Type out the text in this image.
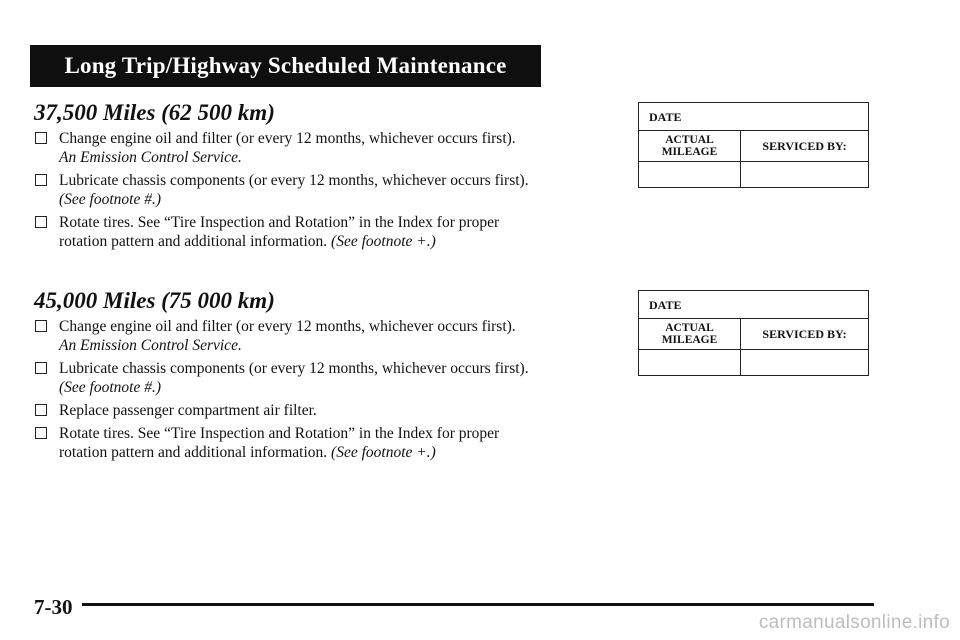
Long Trip/Highway Scheduled Maintenance
37,500 Miles (62 500 km)
Change engine oil and filter (or every 12 months, whichever occurs first).
An Emission Control Service.
Lubricate chassis components (or every 12 months, whichever occurs first).
(See footnote #.)
Rotate tires. See “Tire Inspection and Rotation” in the Index for proper
rotation pattern and additional information. (See footnote +.)
DATE
ACTUAL
MILEAGE	SERVICED BY:
45,000 Miles (75 000 km)
Change engine oil and filter (or every 12 months, whichever occurs first).
An Emission Control Service.
Lubricate chassis components (or every 12 months, whichever occurs first).
(See footnote #.)
Replace passenger compartment air filter.
Rotate tires. See “Tire Inspection and Rotation” in the Index for proper
rotation pattern and additional information. (See footnote +.)
DATE
ACTUAL
MILEAGE	SERVICED BY:
7-30
carmanualsonline.info
